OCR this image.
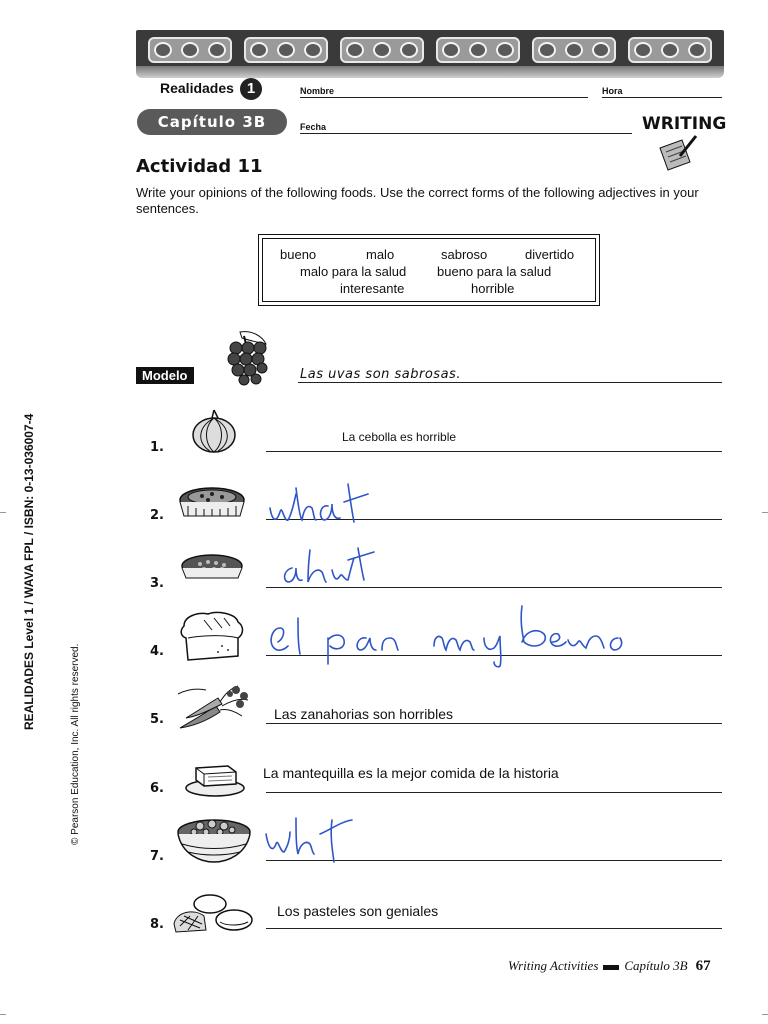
Realidades 1
Capítulo 3B
Nombre	Hora
Fecha	WRITING
Actividad 11
Write your opinions of the following foods. Use the correct forms of the following adjectives in your sentences.
bueno	malo	sabroso	divertido
malo para la salud bueno para la salud
interesante	horrible
Modelo	Las uvas son sabrosas.
1.
La cebolla es horrible
2.
what
3.
what
4.
el pan muy bueno
5.	Las zanahorias son horribles
6.
La mantequilla es la mejor comida de la historia
7.
what
8.
Los pasteles son geniales
REALIDADES Level 1 / WAVA FPL / ISBN: 0-13-036007-4
© Pearson Education, Inc. All rights reserved.
Writing Activities Capítulo 3B 67
